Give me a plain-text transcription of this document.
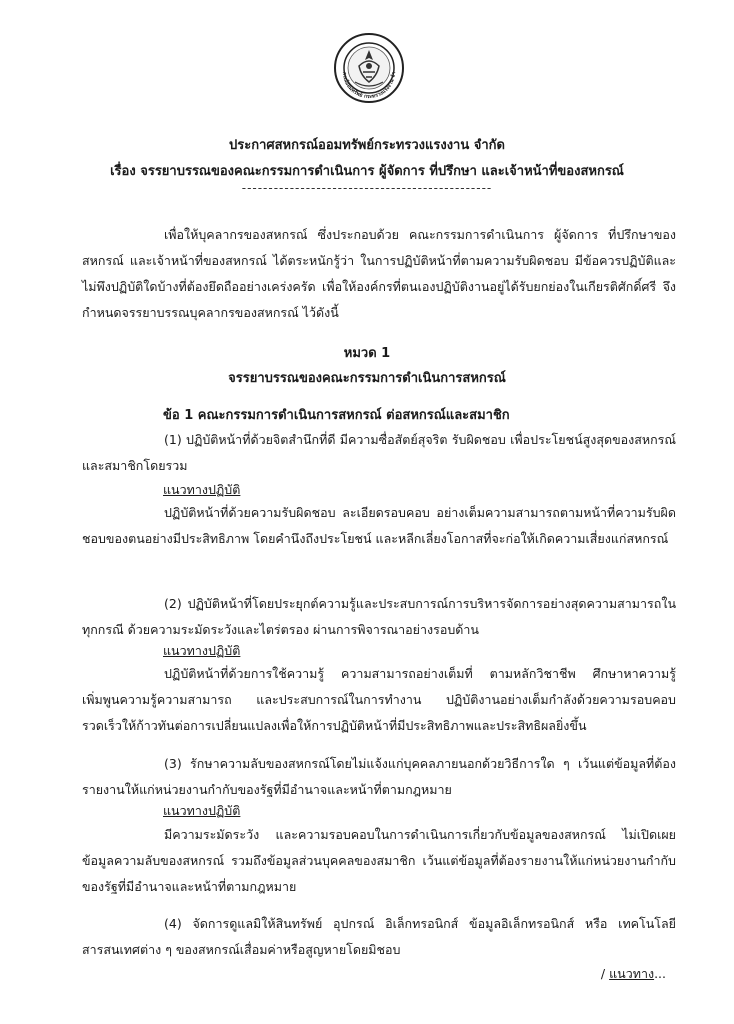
กรณ์ออมทรัพย์ กระทรวงแรงงาน จำ
ประกาศสหกรณ์ออมทรัพย์กระทรวงแรงงาน จำกัด
เรื่อง จรรยาบรรณของคณะกรรมการดำเนินการ ผู้จัดการ ที่ปรึกษา และเจ้าหน้าที่ของสหกรณ์
-----------------------------------------------

เพื่อให้บุคลากรของสหกรณ์ ซึ่งประกอบด้วย คณะกรรมการดำเนินการ ผู้จัดการ ที่ปรึกษาของสหกรณ์ และเจ้าหน้าที่ของสหกรณ์ ได้ตระหนักรู้ว่า ในการปฏิบัติหน้าที่ตามความรับผิดชอบ มีข้อควรปฏิบัติและไม่พึงปฏิบัติใดบ้างที่ต้องยึดถืออย่างเคร่งครัด เพื่อให้องค์กรที่ตนเองปฏิบัติงานอยู่ได้รับยกย่องในเกียรติศักดิ์ศรี จึงกำหนดจรรยาบรรณบุคลากรของสหกรณ์ ไว้ดังนี้

หมวด 1
จรรยาบรรณของคณะกรรมการดำเนินการสหกรณ์
ข้อ 1 คณะกรรมการดำเนินการสหกรณ์ ต่อสหกรณ์และสมาชิก

(1) ปฏิบัติหน้าที่ด้วยจิตสำนึกที่ดี มีความซื่อสัตย์สุจริต รับผิดชอบ เพื่อประโยชน์สูงสุดของสหกรณ์และสมาชิกโดยรวม

แนวทางปฏิบัติ

ปฏิบัติหน้าที่ด้วยความรับผิดชอบ ละเอียดรอบคอบ อย่างเต็มความสามารถตามหน้าที่ความรับผิดชอบของตนอย่างมีประสิทธิภาพ โดยคำนึงถึงประโยชน์ และหลีกเลี่ยงโอกาสที่จะก่อให้เกิดความเสี่ยงแก่สหกรณ์

(2) ปฏิบัติหน้าที่โดยประยุกต์ความรู้และประสบการณ์การบริหารจัดการอย่างสุดความสามารถในทุกกรณี ด้วยความระมัดระวังและไตร่ตรอง ผ่านการพิจารณาอย่างรอบด้าน

แนวทางปฏิบัติ

ปฏิบัติหน้าที่ด้วยการใช้ความรู้ ความสามารถอย่างเต็มที่ ตามหลักวิชาชีพ ศึกษาหาความรู้ เพิ่มพูนความรู้ความสามารถ และประสบการณ์ในการทำงาน ปฏิบัติงานอย่างเต็มกำลังด้วยความรอบคอบ รวดเร็วให้ก้าวทันต่อการเปลี่ยนแปลงเพื่อให้การปฏิบัติหน้าที่มีประสิทธิภาพและประสิทธิผลยิ่งขึ้น

(3) รักษาความลับของสหกรณ์โดยไม่แจ้งแก่บุคคลภายนอกด้วยวิธีการใด ๆ เว้นแต่ข้อมูลที่ต้องรายงานให้แก่หน่วยงานกำกับของรัฐที่มีอำนาจและหน้าที่ตามกฎหมาย

แนวทางปฏิบัติ

มีความระมัดระวัง และความรอบคอบในการดำเนินการเกี่ยวกับข้อมูลของสหกรณ์ ไม่เปิดเผยข้อมูลความลับของสหกรณ์ รวมถึงข้อมูลส่วนบุคคลของสมาชิก เว้นแต่ข้อมูลที่ต้องรายงานให้แก่หน่วยงานกำกับของรัฐที่มีอำนาจและหน้าที่ตามกฎหมาย

(4) จัดการดูแลมิให้สินทรัพย์ อุปกรณ์ อิเล็กทรอนิกส์ ข้อมูลอิเล็กทรอนิกส์ หรือ เทคโนโลยีสารสนเทศต่าง ๆ ของสหกรณ์เสื่อมค่าหรือสูญหายโดยมิชอบ

/ แนวทาง...
